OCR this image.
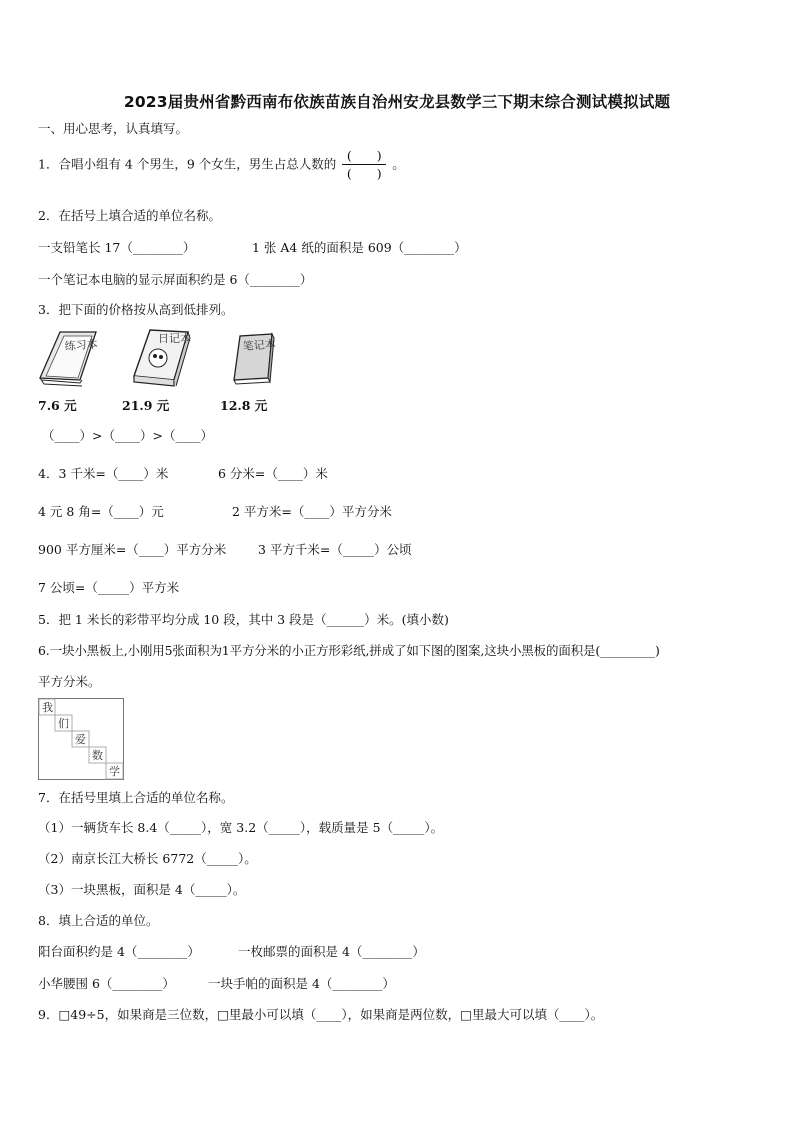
2023届贵州省黔西南布依族苗族自治州安龙县数学三下期末综合测试模拟试题
一、用心思考，认真填写。
1．合唱小组有 4 个男生，9 个女生，男生占总人数的 $\frac{( )}{( )}$ 。
2．在括号上填合适的单位名称。
一支铅笔长 17（________）	1 张 A4 纸的面积是 609（________）
一个笔记本电脑的显示屏面积约是 6（________）
3．把下面的价格按从高到低排列。
练习本	日记本	笔记本
7.6 元	21.9 元	12.8 元
（____）>（____）>（____）
4．3 千米=（____）米	6 分米=（____）米
4 元 8 角=（____）元	2 平方米=（____）平方分米
900 平方厘米=（____）平方分米	3 平方千米=（_____）公顷
7 公顷=（_____）平方米
5．把 1 米长的彩带平均分成 10 段，其中 3 段是（______）米。(填小数)
6.一块小黑板上,小刚用5张面积为1平方分米的小正方形彩纸,拼成了如下图的图案,这块小黑板的面积是(_________)
平方分米。
我
们
爱
数
学
7．在括号里填上合适的单位名称。
（1）一辆货车长 8.4（_____），宽 3.2（_____），载质量是 5（_____）。
（2）南京长江大桥长 6772（_____）。
（3）一块黑板，面积是 4（_____）。
8．填上合适的单位。
阳台面积约是 4（________）	一枚邮票的面积是 4（________）
小华腰围 6（________）	一块手帕的面积是 4（________）
9．□49÷5，如果商是三位数，□里最小可以填（____），如果商是两位数，□里最大可以填（____）。
